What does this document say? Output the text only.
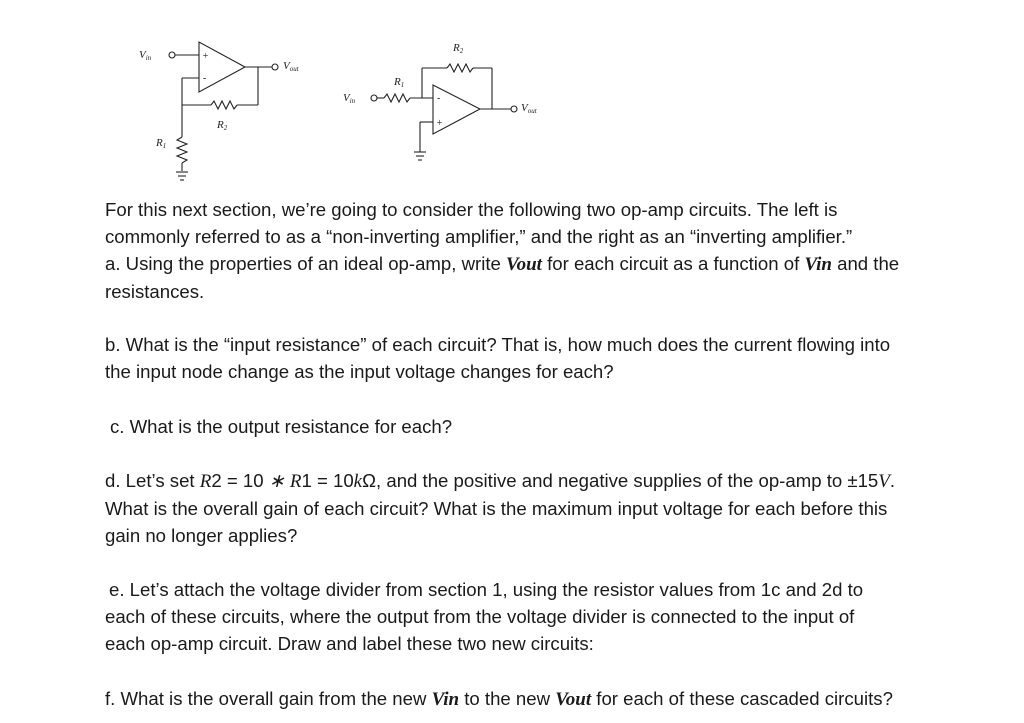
Vin
Vout
R2
R1
+
-
Vin
Vout
R1
R2
-
+
For this next section, we’re going to consider the following two op-amp circuits. The left is
commonly referred to as a “non-inverting amplifier,” and the right as an “inverting amplifier.”
a. Using the properties of an ideal op-amp, write Vout for each circuit as a function of Vin and the
resistances.
b. What is the “input resistance” of each circuit? That is, how much does the current flowing into
the input node change as the input voltage changes for each?
c. What is the output resistance for each?
d. Let’s set R2 = 10 ∗ R1 = 10kΩ, and the positive and negative supplies of the op-amp to ±15V.
What is the overall gain of each circuit? What is the maximum input voltage for each before this
gain no longer applies?
e. Let’s attach the voltage divider from section 1, using the resistor values from 1c and 2d to
each of these circuits, where the output from the voltage divider is connected to the input of
each op-amp circuit. Draw and label these two new circuits:
f. What is the overall gain from the new Vin to the new Vout for each of these cascaded circuits?
